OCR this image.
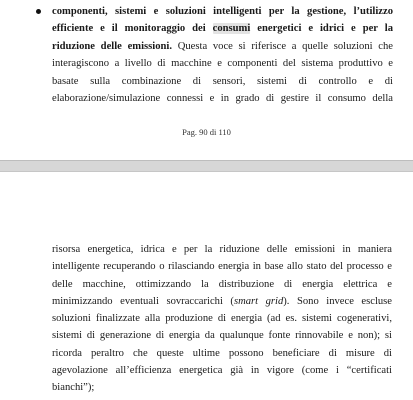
componenti, sistemi e soluzioni intelligenti per la gestione, l’utilizzo
efficiente e il monitoraggio dei consumi energetici e idrici e per la
riduzione delle emissioni. Questa voce si riferisce a quelle soluzioni che
interagiscono a livello di macchine e componenti del sistema produttivo e
basate sulla combinazione di sensori, sistemi di controllo e di
elaborazione/simulazione connessi e in grado di gestire il consumo della

Pag. 90 di 110

risorsa energetica, idrica e per la riduzione delle emissioni in maniera
intelligente recuperando o rilasciando energia in base allo stato del processo e
delle macchine, ottimizzando la distribuzione di energia elettrica e
minimizzando eventuali sovraccarichi (smart grid). Sono invece escluse
soluzioni finalizzate alla produzione di energia (ad es. sistemi cogenerativi,
sistemi di generazione di energia da qualunque fonte rinnovabile e non); si
ricorda peraltro che queste ultime possono beneficiare di misure di
agevolazione all’efficienza energetica già in vigore (come i “certificati
bianchi”);
